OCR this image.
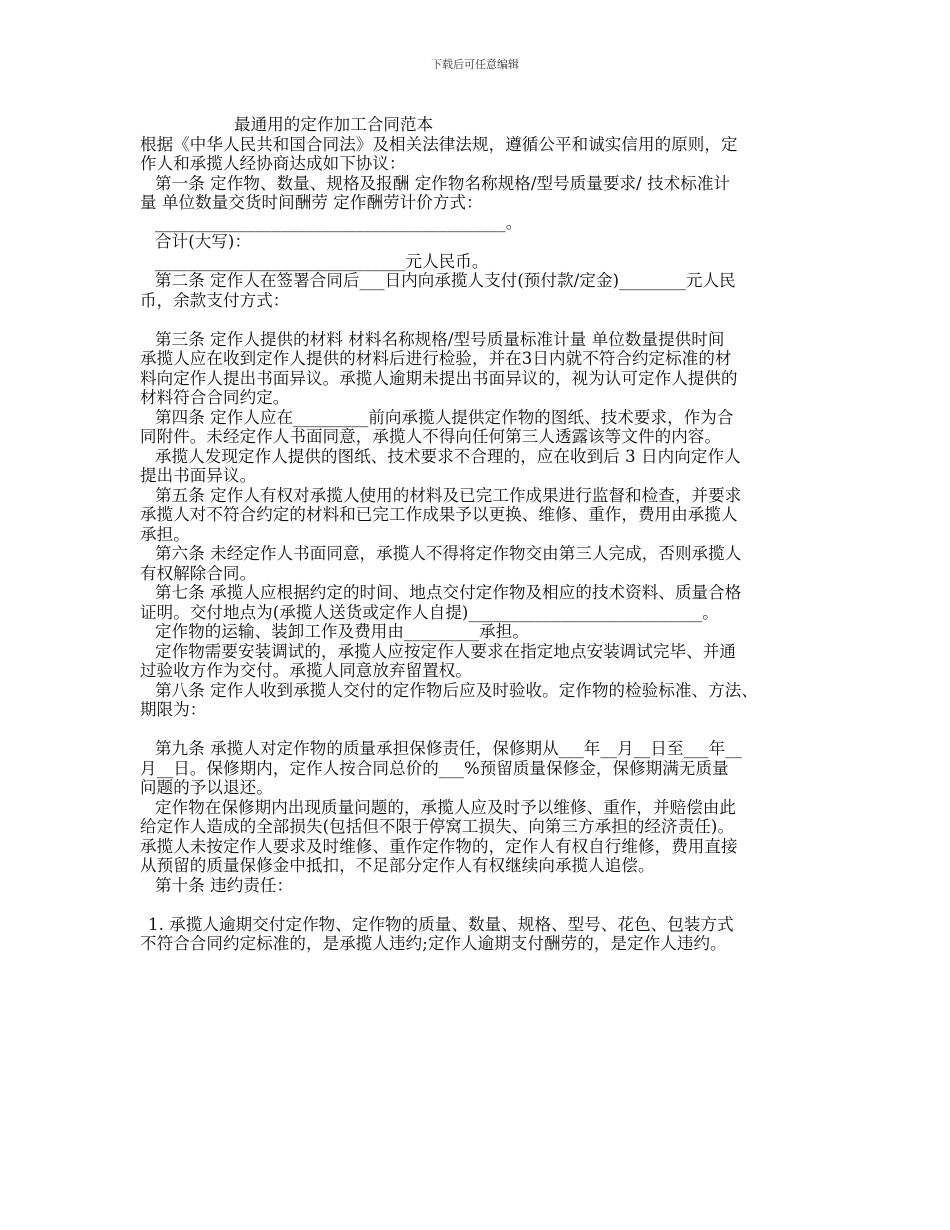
下载后可任意编辑
最通用的定作加工合同范本
根据《中华人民共和国合同法》及相关法律法规，遵循公平和诚实信用的原则，定
作人和承揽人经协商达成如下协议：
第一条 定作物、数量、规格及报酬 定作物名称规格/型号质量要求/ 技术标准计
量 单位数量交货时间酬劳 定作酬劳计价方式：
__________________________________________。
合计(大写)：
______________________________元人民币。
第二条 定作人在签署合同后___日内向承揽人支付(预付款/定金)________元人民
币，余款支付方式：
第三条 定作人提供的材料 材料名称规格/型号质量标准计量 单位数量提供时间
承揽人应在收到定作人提供的材料后进行检验，并在3日内就不符合约定标准的材
料向定作人提出书面异议。承揽人逾期未提出书面异议的，视为认可定作人提供的
材料符合合同约定。
第四条 定作人应在_________前向承揽人提供定作物的图纸、技术要求，作为合
同附件。未经定作人书面同意，承揽人不得向任何第三人透露该等文件的内容。
承揽人发现定作人提供的图纸、技术要求不合理的，应在收到后 3 日内向定作人
提出书面异议。
第五条 定作人有权对承揽人使用的材料及已完工作成果进行监督和检查，并要求
承揽人对不符合约定的材料和已完工作成果予以更换、维修、重作，费用由承揽人
承担。
第六条 未经定作人书面同意，承揽人不得将定作物交由第三人完成，否则承揽人
有权解除合同。
第七条 承揽人应根据约定的时间、地点交付定作物及相应的技术资料、质量合格
证明。交付地点为(承揽人送货或定作人自提)____________________________。
定作物的运输、装卸工作及费用由_________承担。
定作物需要安装调试的，承揽人应按定作人要求在指定地点安装调试完毕、并通
过验收方作为交付。承揽人同意放弃留置权。
第八条 定作人收到承揽人交付的定作物后应及时验收。定作物的检验标准、方法、
期限为：
第九条 承揽人对定作物的质量承担保修责任，保修期从___年__月__日至___年__
月__日。保修期内，定作人按合同总价的___%预留质量保修金，保修期满无质量
问题的予以退还。
定作物在保修期内出现质量问题的，承揽人应及时予以维修、重作，并赔偿由此
给定作人造成的全部损失(包括但不限于停窝工损失、向第三方承担的经济责任)。
承揽人未按定作人要求及时维修、重作定作物的，定作人有权自行维修，费用直接
从预留的质量保修金中抵扣，不足部分定作人有权继续向承揽人追偿。
第十条 违约责任：
1. 承揽人逾期交付定作物、定作物的质量、数量、规格、型号、花色、包装方式
不符合合同约定标准的，是承揽人违约;定作人逾期支付酬劳的，是定作人违约。
